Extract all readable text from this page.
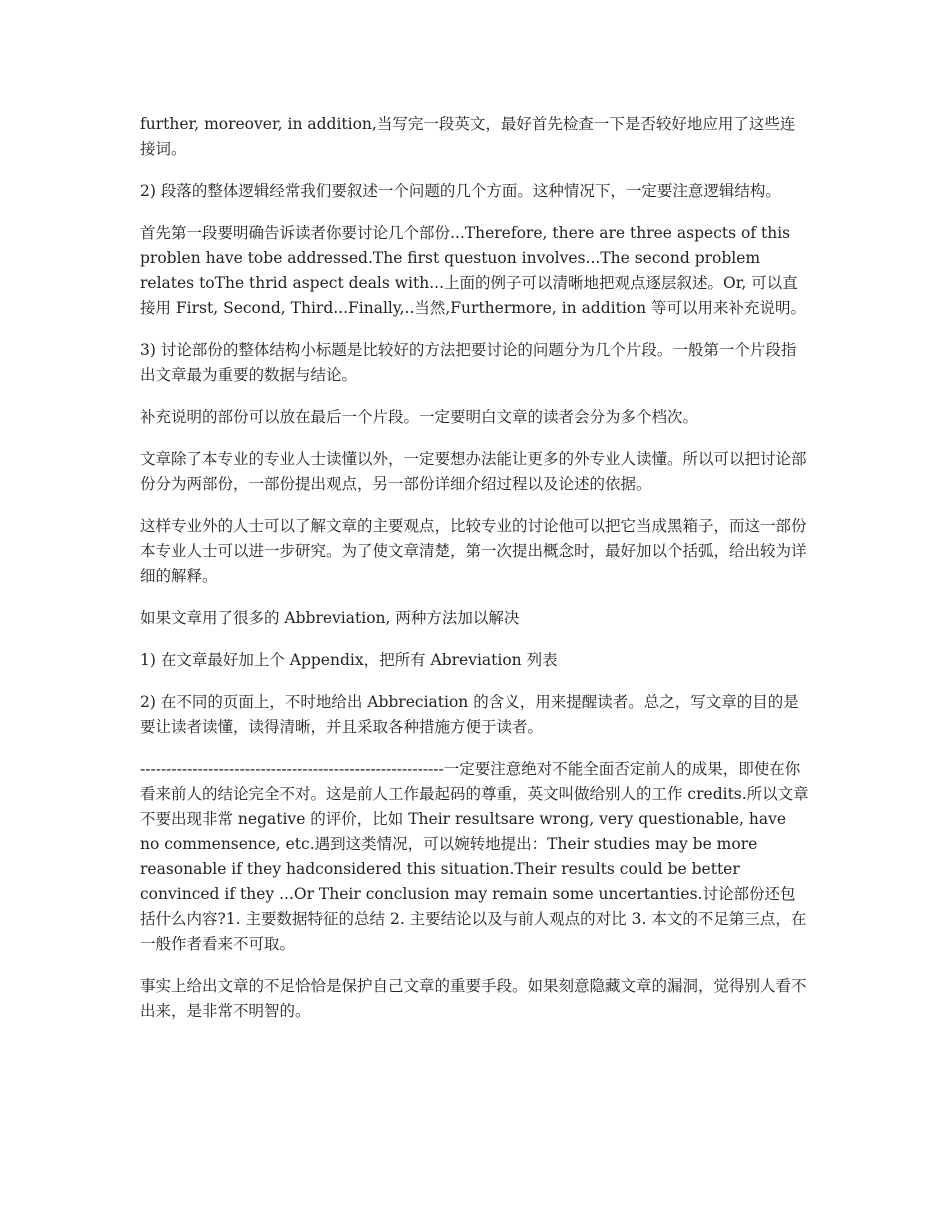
further, moreover, in addition,当写完一段英文，最好首先检查一下是否较好地应用了这些连接词。

2) 段落的整体逻辑经常我们要叙述一个问题的几个方面。这种情况下，一定要注意逻辑结构。

首先第一段要明确告诉读者你要讨论几个部份...Therefore, there are three aspects of this problen have tobe addressed.The first questuon involves...The second problem relates toThe thrid aspect deals with...上面的例子可以清晰地把观点逐层叙述。Or, 可以直接用 First, Second, Third...Finally,..当然,Furthermore, in addition 等可以用来补充说明。

3) 讨论部份的整体结构小标题是比较好的方法把要讨论的问题分为几个片段。一般第一个片段指出文章最为重要的数据与结论。

补充说明的部份可以放在最后一个片段。一定要明白文章的读者会分为多个档次。

文章除了本专业的专业人士读懂以外，一定要想办法能让更多的外专业人读懂。所以可以把讨论部份分为两部份，一部份提出观点，另一部份详细介绍过程以及论述的依据。

这样专业外的人士可以了解文章的主要观点，比较专业的讨论他可以把它当成黑箱子，而这一部份本专业人士可以进一步研究。为了使文章清楚，第一次提出概念时，最好加以个括弧，给出较为详细的解释。

如果文章用了很多的 Abbreviation, 两种方法加以解决

1) 在文章最好加上个 Appendix，把所有 Abreviation 列表

2) 在不同的页面上，不时地给出 Abbreciation 的含义，用来提醒读者。总之，写文章的目的是要让读者读懂，读得清晰，并且采取各种措施方便于读者。

----------------------------------------------------------一定要注意绝对不能全面否定前人的成果，即使在你看来前人的结论完全不对。这是前人工作最起码的尊重，英文叫做给别人的工作 credits.所以文章不要出现非常 negative 的评价，比如 Their resultsare wrong, very questionable, have no commensence, etc.遇到这类情况，可以婉转地提出：Their studies may be more reasonable if they hadconsidered this situation.Their results could be better convinced if they ...Or Their conclusion may remain some uncertanties.讨论部份还包括什么内容?1. 主要数据特征的总结 2. 主要结论以及与前人观点的对比 3. 本文的不足第三点，在一般作者看来不可取。

事实上给出文章的不足恰恰是保护自己文章的重要手段。如果刻意隐藏文章的漏洞，觉得别人看不出来，是非常不明智的。
